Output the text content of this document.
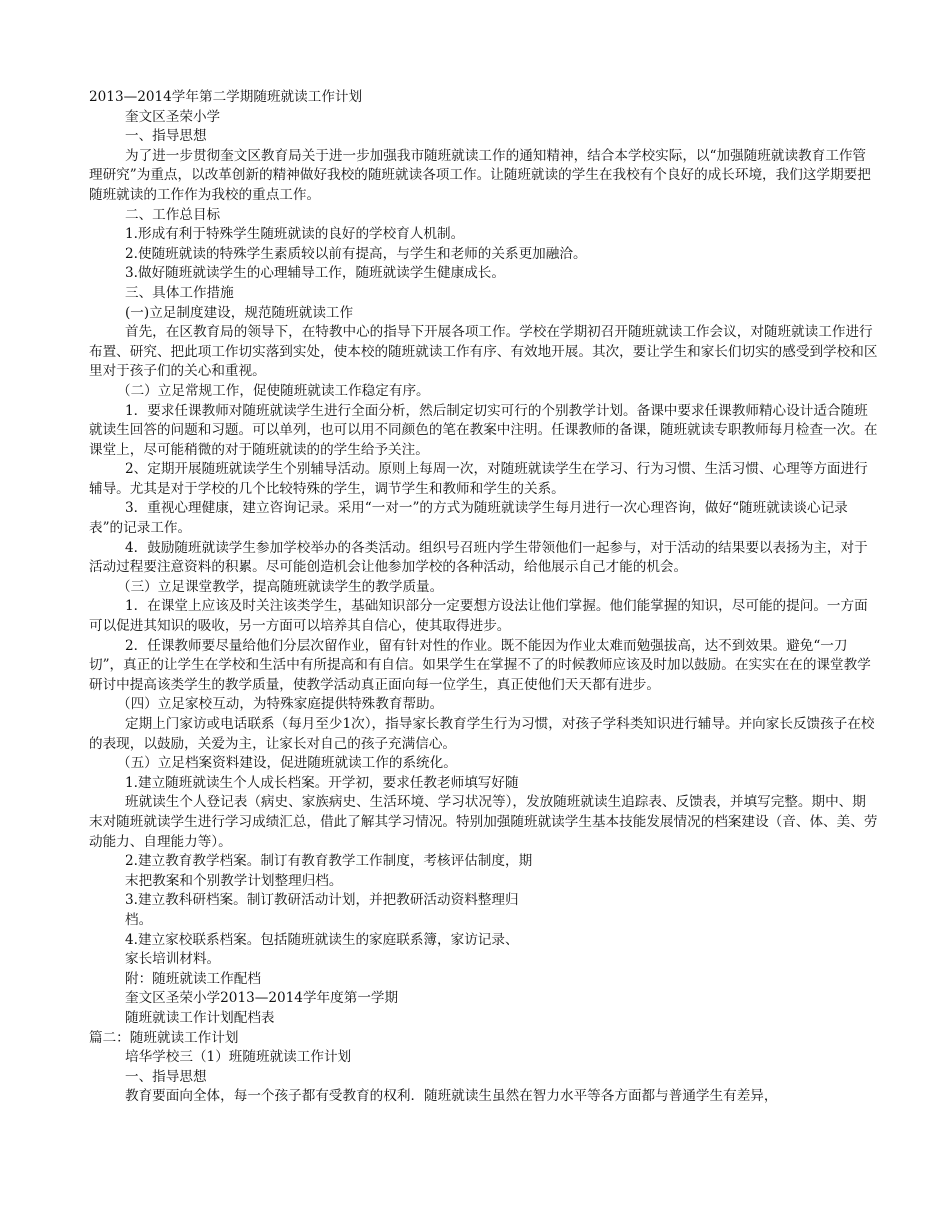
2013—2014学年第二学期随班就读工作计划

奎文区圣荣小学

一、指导思想

为了进一步贯彻奎文区教育局关于进一步加强我市随班就读工作的通知精神，结合本学校实际，以“加强随班就读教育工作管理研究”为重点，以改革创新的精神做好我校的随班就读各项工作。让随班就读的学生在我校有个良好的成长环境，我们这学期要把随班就读的工作作为我校的重点工作。

二、工作总目标

1.形成有利于特殊学生随班就读的良好的学校育人机制。

2.使随班就读的特殊学生素质较以前有提高，与学生和老师的关系更加融洽。

3.做好随班就读学生的心理辅导工作，随班就读学生健康成长。

三、具体工作措施

(一)立足制度建设，规范随班就读工作

首先，在区教育局的领导下，在特教中心的指导下开展各项工作。学校在学期初召开随班就读工作会议，对随班就读工作进行布置、研究、把此项工作切实落到实处，使本校的随班就读工作有序、有效地开展。其次，要让学生和家长们切实的感受到学校和区里对于孩子们的关心和重视。

（二）立足常规工作，促使随班就读工作稳定有序。

1．要求任课教师对随班就读学生进行全面分析，然后制定切实可行的个别教学计划。备课中要求任课教师精心设计适合随班就读生回答的问题和习题。可以单列，也可以用不同颜色的笔在教案中注明。任课教师的备课，随班就读专职教师每月检查一次。在课堂上，尽可能稍微的对于随班就读的的学生给予关注。

2、定期开展随班就读学生个别辅导活动。原则上每周一次，对随班就读学生在学习、行为习惯、生活习惯、心理等方面进行辅导。尤其是对于学校的几个比较特殊的学生，调节学生和教师和学生的关系。

3．重视心理健康，建立咨询记录。采用“一对一”的方式为随班就读学生每月进行一次心理咨询，做好“随班就读谈心记录表”的记录工作。

4．鼓励随班就读学生参加学校举办的各类活动。组织号召班内学生带领他们一起参与，对于活动的结果要以表扬为主，对于活动过程要注意资料的积累。尽可能创造机会让他参加学校的各种活动，给他展示自己才能的机会。

（三）立足课堂教学，提高随班就读学生的教学质量。

1．在课堂上应该及时关注该类学生，基础知识部分一定要想方设法让他们掌握。他们能掌握的知识，尽可能的提问。一方面可以促进其知识的吸收，另一方面可以培养其自信心，使其取得进步。

2．任课教师要尽量给他们分层次留作业，留有针对性的作业。既不能因为作业太难而勉强拔高，达不到效果。避免“一刀切”，真正的让学生在学校和生活中有所提高和有自信。如果学生在掌握不了的时候教师应该及时加以鼓励。在实实在在的课堂教学研讨中提高该类学生的教学质量，使教学活动真正面向每一位学生，真正使他们天天都有进步。

（四）立足家校互动，为特殊家庭提供特殊教育帮助。

定期上门家访或电话联系（每月至少1次），指导家长教育学生行为习惯，对孩子学科类知识进行辅导。并向家长反馈孩子在校的表现，以鼓励，关爱为主，让家长对自己的孩子充满信心。

（五）立足档案资料建设，促进随班就读工作的系统化。

1.建立随班就读生个人成长档案。开学初，要求任教老师填写好随

班就读生个人登记表（病史、家族病史、生活环境、学习状况等），发放随班就读生追踪表、反馈表，并填写完整。期中、期末对随班就读学生进行学习成绩汇总，借此了解其学习情况。特别加强随班就读学生基本技能发展情况的档案建设（音、体、美、劳动能力、自理能力等）。

2.建立教育教学档案。制订有教育教学工作制度，考核评估制度，期

末把教案和个别教学计划整理归档。

3.建立教科研档案。制订教研活动计划，并把教研活动资料整理归

档。

4.建立家校联系档案。包括随班就读生的家庭联系簿，家访记录、

家长培训材料。

附：随班就读工作配档

奎文区圣荣小学2013—2014学年度第一学期

随班就读工作计划配档表

篇二：随班就读工作计划

培华学校三（1）班随班就读工作计划

一、指导思想

教育要面向全体，每一个孩子都有受教育的权利．随班就读生虽然在智力水平等各方面都与普通学生有差异，
